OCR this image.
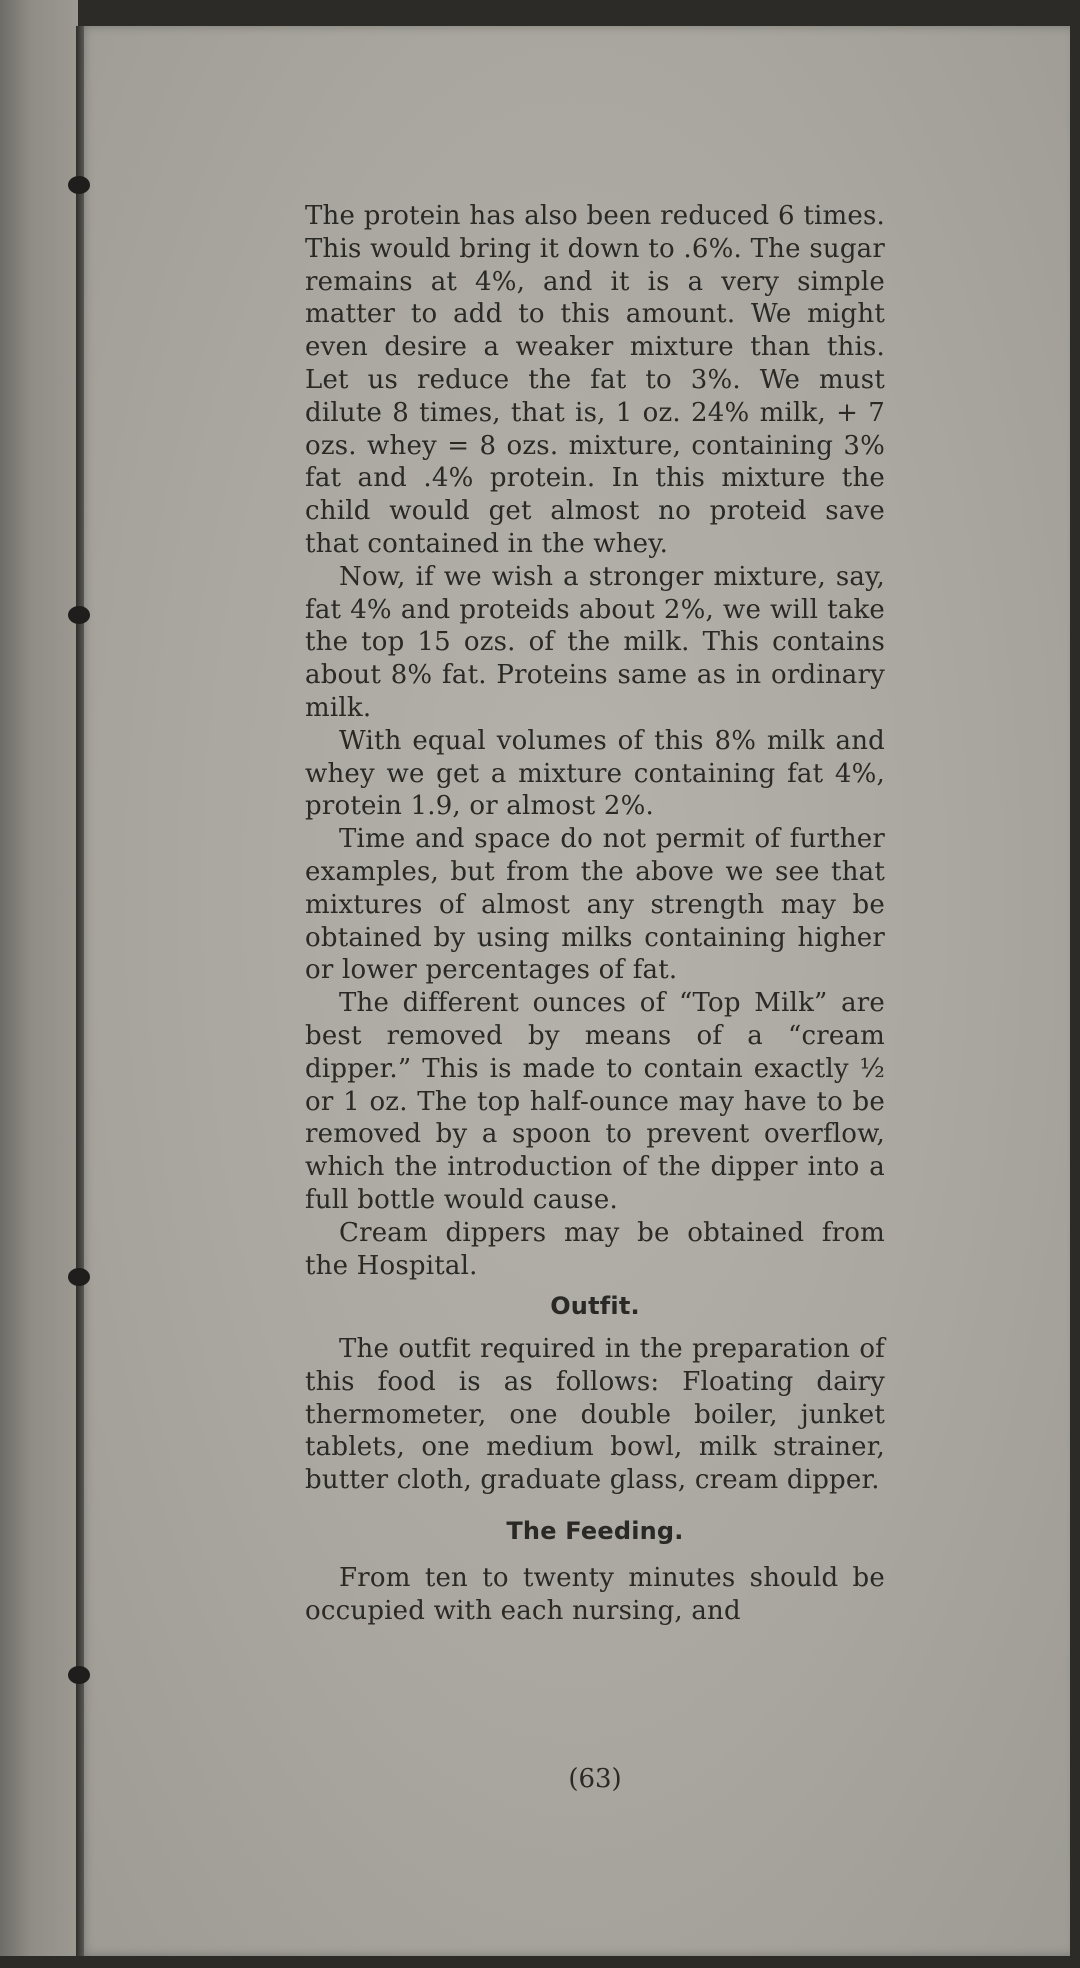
The protein has also been reduced 6 times. This would bring it down to .6%. The sugar remains at 4%, and it is a very simple matter to add to this amount. We might even desire a weaker mixture than this. Let us reduce the fat to 3%. We must dilute 8 times, that is, 1 oz. 24% milk, + 7 ozs. whey = 8 ozs. mixture, containing 3% fat and .4% protein. In this mixture the child would get almost no proteid save that contained in the whey.

Now, if we wish a stronger mixture, say, fat 4% and proteids about 2%, we will take the top 15 ozs. of the milk. This contains about 8% fat. Proteins same as in ordinary milk.

With equal volumes of this 8% milk and whey we get a mixture containing fat 4%, protein 1.9, or almost 2%.

Time and space do not permit of further examples, but from the above we see that mixtures of almost any strength may be obtained by using milks containing higher or lower percentages of fat.

The different ounces of “Top Milk” are best removed by means of a “cream dipper.” This is made to contain exactly ½ or 1 oz. The top half-ounce may have to be removed by a spoon to prevent overflow, which the introduction of the dipper into a full bottle would cause.

Cream dippers may be obtained from the Hospital.

Outfit.

The outfit required in the preparation of this food is as follows: Floating dairy thermometer, one double boiler, junket tablets, one medium bowl, milk strainer, butter cloth, graduate glass, cream dipper.

The Feeding.

From ten to twenty minutes should be occupied with each nursing, and

(63)
